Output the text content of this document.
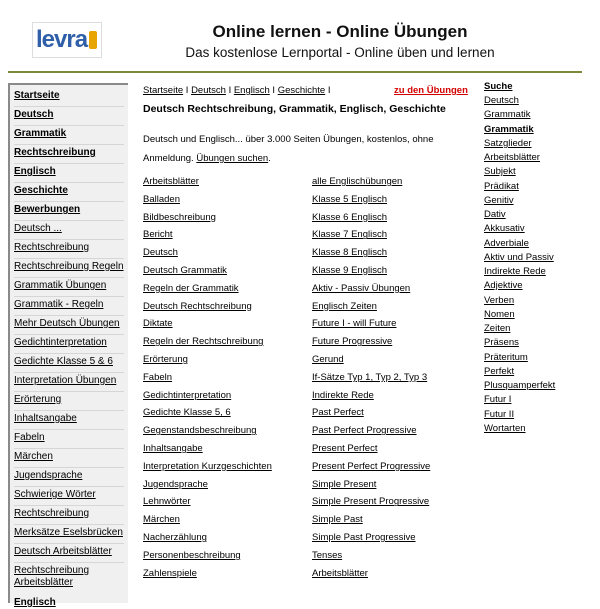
levra	Online lernen - Online Übungen
Das kostenlose Lernportal - Online üben und lernen
Startseite
Deutsch
Grammatik
Rechtschreibung
Englisch
Geschichte
Bewerbungen
Deutsch ...
Rechtschreibung
Rechtschreibung Regeln
Grammatik Übungen
Grammatik - Regeln
Mehr Deutsch Übungen
Gedichtinterpretation
Gedichte Klasse 5 & 6
Interpretation Übungen
Erörterung
Inhaltsangabe
Fabeln
Märchen
Jugendsprache
Schwierige Wörter
Rechtschreibung
Merksätze Eselsbrücken
Deutsch Arbeitsblätter
Rechtschreibung Arbeitsblätter
Englisch
Startseite I Deutsch I Englisch I Geschichte I	zu den Übungen
Deutsch Rechtschreibung, Grammatik, Englisch, Geschichte
Deutsch und Englisch... über 3.000 Seiten Übungen, kostenlos, ohne Anmeldung. Übungen suchen.
Arbeitsblätter
Balladen
Bildbeschreibung
Bericht
Deutsch
Deutsch Grammatik
Regeln der Grammatik
Deutsch Rechtschreibung
Diktate
Regeln der Rechtschreibung
Erörterung
Fabeln
Gedichtinterpretation
Gedichte Klasse 5, 6
Gegenstandsbeschreibung
Inhaltsangabe
Interpretation Kurzgeschichten
Jugendsprache
Lehnwörter
Märchen
Nacherzählung
Personenbeschreibung
Zahlenspiele
alle Englischübungen
Klasse 5 Englisch
Klasse 6 Englisch
Klasse 7 Englisch
Klasse 8 Englisch
Klasse 9 Englisch
Aktiv - Passiv Übungen
Englisch Zeiten
Future I - will Future
Future Progressive
Gerund
If-Sätze Typ 1, Typ 2, Typ 3
Indirekte Rede
Past Perfect
Past Perfect Progressive
Present Perfect
Present Perfect Progressive
Simple Present
Simple Present Progressive
Simple Past
Simple Past Progressive
Tenses
Arbeitsblätter
Suche
Deutsch
Grammatik
Grammatik
Satzglieder
Arbeitsblätter
Subjekt
Prädikat
Genitiv
Dativ
Akkusativ
Adverbiale
Aktiv und Passiv
Indirekte Rede
Adjektive
Verben
Nomen
Zeiten
Präsens
Präteritum
Perfekt
Plusquamperfekt
Futur I
Futur II
Wortarten
